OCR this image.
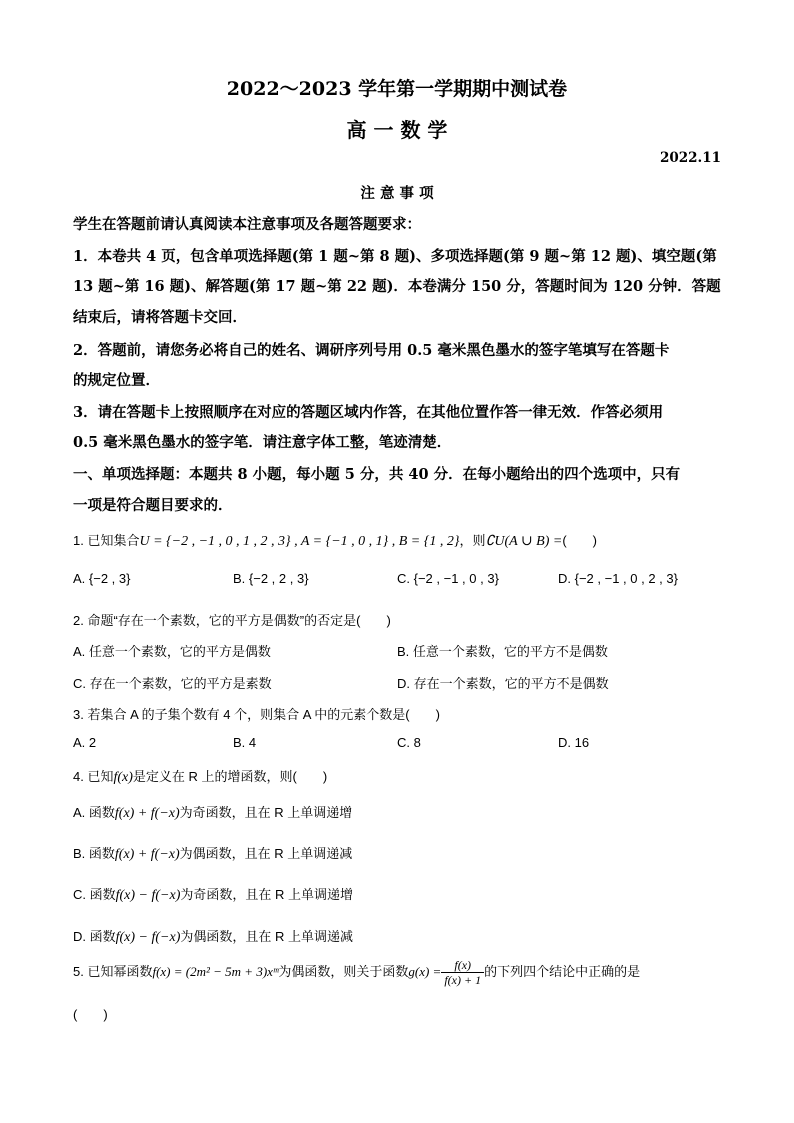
2022～2023 学年第一学期期中测试卷
高 一 数 学
2022.11
注 意 事 项
学生在答题前请认真阅读本注意事项及各题答题要求：
1．本卷共 4 页，包含单项选择题(第 1 题~第 8 题)、多项选择题(第 9 题~第 12 题)、填空题(第
13 题~第 16 题)、解答题(第 17 题~第 22 题)．本卷满分 150 分，答题时间为 120 分钟．答题
结束后，请将答题卡交回．
2．答题前，请您务必将自己的姓名、调研序列号用 0.5 毫米黑色墨水的签字笔填写在答题卡
的规定位置．
3．请在答题卡上按照顺序在对应的答题区域内作答，在其他位置作答一律无效．作答必须用
0.5 毫米黑色墨水的签字笔．请注意字体工整，笔迹清楚．
一、单项选择题：本题共 8 小题，每小题 5 分，共 40 分．在每小题给出的四个选项中，只有
一项是符合题目要求的．
1. 已知集合U = {−2 , −1 , 0 , 1 , 2 , 3} , A = {−1 , 0 , 1} , B = {1 , 2}，则∁U(A ∪ B) =(　　)
A. {−2 , 3}	B. {−2 , 2 , 3}	C. {−2 , −1 , 0 , 3}	D. {−2 , −1 , 0 , 2 , 3}
2. 命题“存在一个素数，它的平方是偶数”的否定是(　　)
A. 任意一个素数，它的平方是偶数	B. 任意一个素数，它的平方不是偶数
C. 存在一个素数，它的平方是素数	D. 存在一个素数，它的平方不是偶数
3. 若集合 A 的子集个数有 4 个，则集合 A 中的元素个数是(　　)
A. 2	B. 4	C. 8	D. 16
4. 已知f(x)是定义在 R 上的增函数，则(　　)
A. 函数f(x) + f(−x)为奇函数，且在 R 上单调递增
B. 函数f(x) + f(−x)为偶函数，且在 R 上单调递减
C. 函数f(x) − f(−x)为奇函数，且在 R 上单调递增
D. 函数f(x) − f(−x)为偶函数，且在 R 上单调递减
5. 已知幂函数f(x) = (2m² − 5m + 3)xᵐ为偶函数，则关于函数$g(x) = \frac{f(x)}{f(x) + 1}$ 的下列四个结论中正确的是
(　　)
